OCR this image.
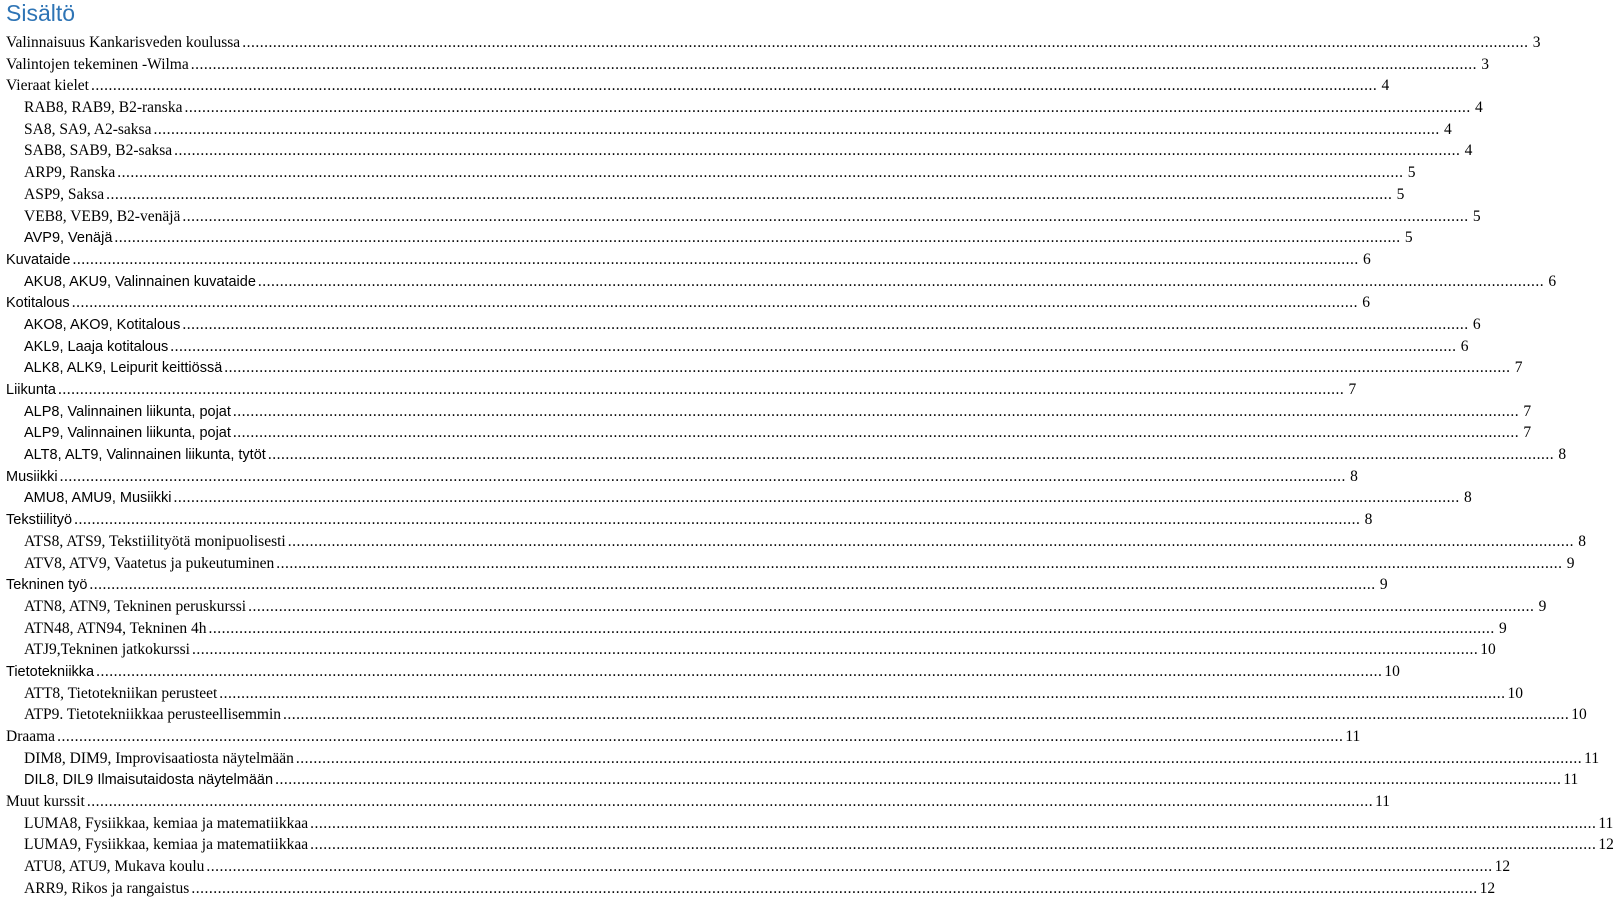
Sisältö
Valinnaisuus Kankarisveden koulussa .....	3
Valintojen tekeminen -Wilma .....	3
Vieraat kielet .....	4
RAB8, RAB9, B2-ranska .....	4
SA8, SA9, A2-saksa .....	4
SAB8, SAB9, B2-saksa .....	4
ARP9, Ranska .....	5
ASP9, Saksa .....	5
VEB8, VEB9, B2-venäjä .....	5
AVP9, Venäjä .....	5
Kuvataide .....	6
AKU8, AKU9, Valinnainen kuvataide .....	6
Kotitalous .....	6
AKO8, AKO9, Kotitalous .....	6
AKL9, Laaja kotitalous .....	6
ALK8, ALK9, Leipurit keittiössä .....	7
Liikunta .....	7
ALP8, Valinnainen liikunta, pojat .....	7
ALP9, Valinnainen liikunta, pojat .....	7
ALT8, ALT9, Valinnainen liikunta, tytöt .....	8
Musiikki .....	8
AMU8, AMU9, Musiikki .....	8
Tekstiilityö .....	8
ATS8, ATS9, Tekstiilityötä monipuolisesti .....	8
ATV8, ATV9, Vaatetus ja pukeutuminen .....	9
Tekninen työ .....	9
ATN8, ATN9, Tekninen peruskurssi .....	9
ATN48, ATN94, Tekninen 4h .....	9
ATJ9,Tekninen jatkokurssi .....	10
Tietotekniikka .....	10
ATT8, Tietotekniikan perusteet .....	10
ATP9. Tietotekniikkaa perusteellisemmin .....	10
Draama .....	11
DIM8, DIM9, Improvisaatiosta näytelmään .....	11
DIL8, DIL9 Ilmaisutaidosta näytelmään .....	11
Muut kurssit .....	11
LUMA8, Fysiikkaa, kemiaa ja matematiikkaa .....	11
LUMA9, Fysiikkaa, kemiaa ja matematiikkaa .....	12
ATU8, ATU9, Mukava koulu .....	12
ARR9, Rikos ja rangaistus .....	12
